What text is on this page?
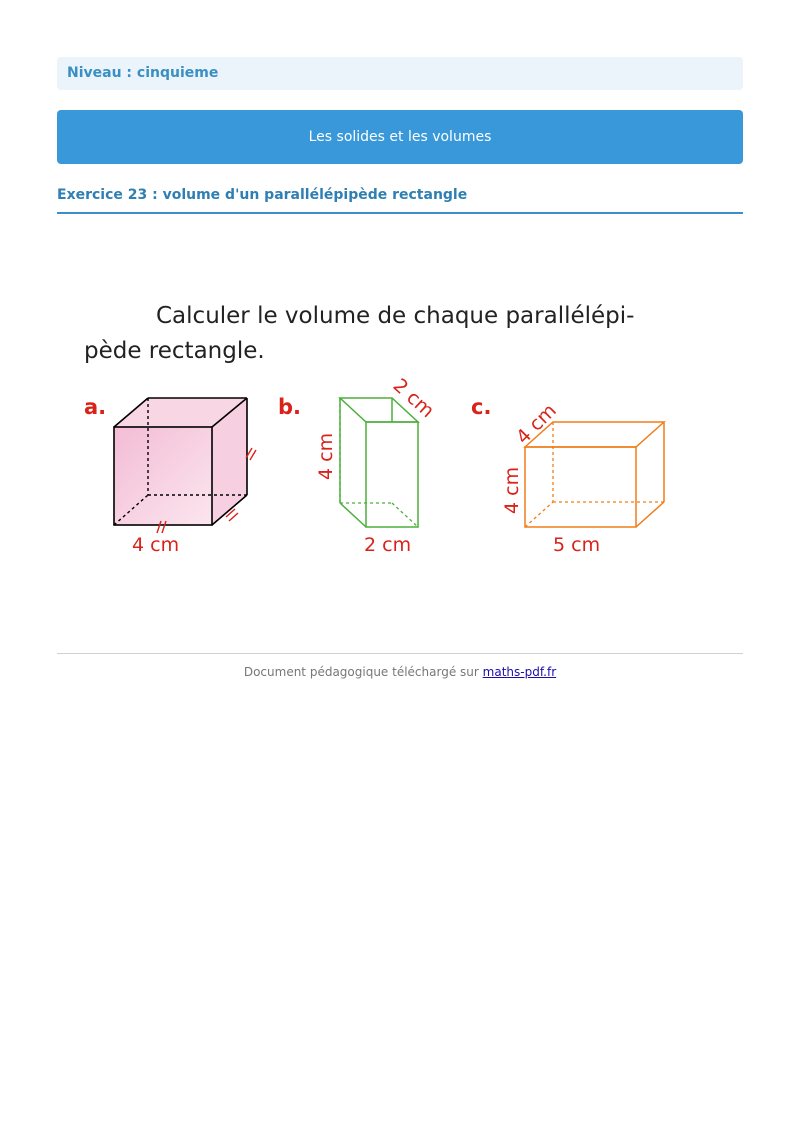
Niveau : cinquieme
Les solides et les volumes
Exercice 23 : volume d'un parallélépipède rectangle
Calculer le volume de chaque parallélépi-
pède rectangle.
a.
4 cm
b.
4 cm
2 cm
2 cm
c. 4 cm
4 cm
5 cm
Document pédagogique téléchargé sur maths-pdf.fr
